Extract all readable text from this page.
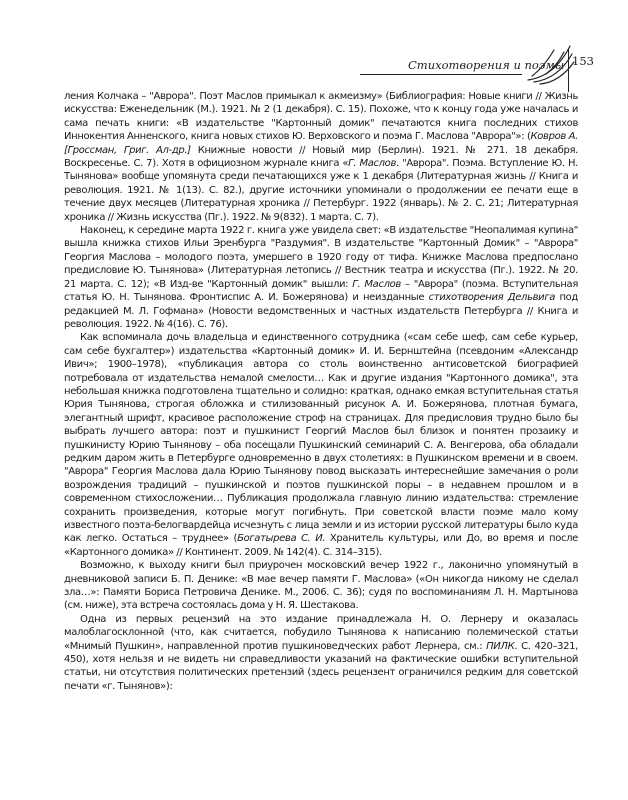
Стихотворения и поэмы 153

ления Колчака – "Аврора". Поэт Маслов примыкал к акмеизму» (Библиография: Новые книги // Жизнь искусства: Еженедельник (М.). 1921. № 2 (1 декабря). С. 15). Похоже, что к концу года уже началась и сама печать книги: «В издательстве "Картонный домик" печатаются книга последних стихов Иннокентия Анненского, книга новых стихов Ю. Верховского и поэма Г. Маслова "Аврора"»: (Ковров А. [Гроссман, Григ. Ал-др.] Книжные новости // Новый мир (Берлин). 1921. № 271. 18 декабря. Воскресенье. С. 7). Хотя в официозном журнале книга «Г. Маслов. "Аврора". Поэма. Вступление Ю. Н. Тынянова» вообще упомянута среди печатающихся уже к 1 декабря (Литературная жизнь // Книга и революция. 1921. № 1(13). С. 82.), другие источники упоминали о продолжении ее печати еще в течение двух месяцев (Литературная хроника // Петербург. 1922 (январь). № 2. С. 21; Литературная хроника // Жизнь искусства (Пг.). 1922. № 9(832). 1 марта. С. 7).

Наконец, к середине марта 1922 г. книга уже увидела свет: «В издательстве "Неопалимая купина" вышла книжка стихов Ильи Эренбурга "Раздумия". В издательстве "Картонный Домик" – "Аврора" Георгия Маслова – молодого поэта, умершего в 1920 году от тифа. Книжке Маслова предпослано предисловие Ю. Тынянова» (Литературная летопись // Вестник театра и искусства (Пг.). 1922. № 20. 21 марта. С. 12); «В Изд-ве "Картонный домик" вышли: Г. Маслов – "Аврора" (поэма. Вступительная статья Ю. Н. Тынянова. Фронтиспис А. И. Божерянова) и неизданные стихотворения Дельвига под редакцией М. Л. Гофмана» (Новости ведомственных и частных издательств Петербурга // Книга и революция. 1922. № 4(16). С. 76).

Как вспоминала дочь владельца и единственного сотрудника («сам себе шеф, сам себе курьер, сам себе бухгалтер») издательства «Картонный домик» И. И. Бернштейна (псевдоним «Александр Ивич»; 1900–1978), «публикация автора со столь воинственно антисоветской биографией потребовала от издательства немалой смелости… Как и другие издания "Картонного домика", эта небольшая книжка подготовлена тщательно и солидно: краткая, однако емкая вступительная статья Юрия Тынянова, строгая обложка и стилизованный рисунок А. И. Божерянова, плотная бумага, элегантный шрифт, красивое расположение строф на страницах. Для предисловия трудно было бы выбрать лучшего автора: поэт и пушкинист Георгий Маслов был близок и понятен прозаику и пушкинисту Юрию Тынянову – оба посещали Пушкинский семинарий С. А. Венгерова, оба обладали редким даром жить в Петербурге одновременно в двух столетиях: в Пушкинском времени и в своем. "Аврора" Георгия Маслова дала Юрию Тынянову повод высказать интереснейшие замечания о роли возрождения традиций – пушкинской и поэтов пушкинской поры – в недавнем прошлом и в современном стихосложении… Публикация продолжала главную линию издательства: стремление сохранить произведения, которые могут погибнуть. При советской власти поэме мало кому известного поэта-белогвардейца исчезнуть с лица земли и из истории русской литературы было куда как легко. Остаться – труднее» (Богатырева С. И. Хранитель культуры, или До, во время и после «Картонного домика» // Континент. 2009. № 142(4). С. 314–315).

Возможно, к выходу книги был приурочен московский вечер 1922 г., лаконично упомянутый в дневниковой записи Б. П. Денике: «В мае вечер памяти Г. Маслова» («Он никогда никому не сделал зла…»: Памяти Бориса Петровича Денике. М., 2006. С. 36); судя по воспоминаниям Л. Н. Мартынова (см. ниже), эта встреча состоялась дома у Н. Я. Шестакова.

Одна из первых рецензий на это издание принадлежала Н. О. Лернеру и оказалась малоблагосклонной (что, как считается, побудило Тынянова к написанию полемической статьи «Мнимый Пушкин», направленной против пушкиноведческих работ Лернера, см.: ПИЛК. С. 420–321, 450), хотя нельзя и не видеть ни справедливости указаний на фактические ошибки вступительной статьи, ни отсутствия политических претензий (здесь рецензент ограничился редким для советской печати «г. Тынянов»):
